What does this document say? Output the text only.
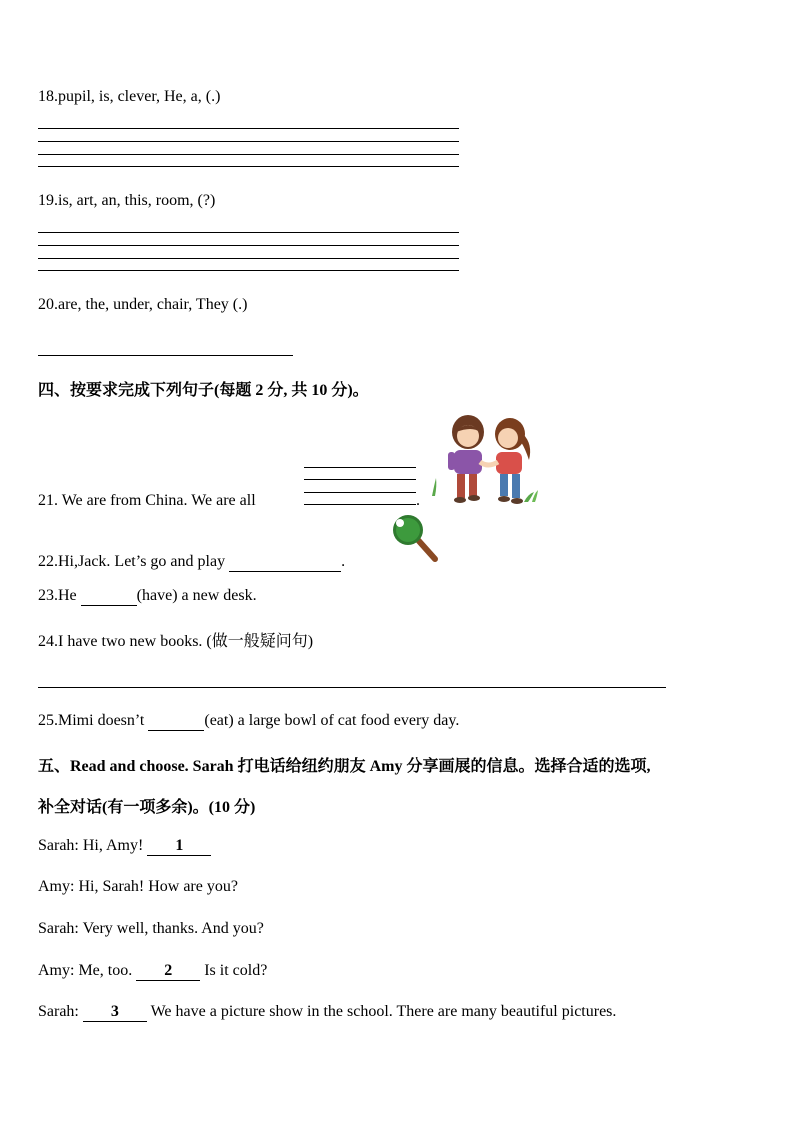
18.pupil, is, clever, He, a, (.)
19.is, art, an, this, room, (?)
20.are, the, under, chair, They (.)
四、按要求完成下列句子(每题 2 分, 共 10 分)。
21. We are from China. We are all	.
22.Hi,Jack. Let’s go and play	.
23.He	(have) a new desk.
24.I have two new books. (做一般疑问句)
25.Mimi doesn’t	(eat) a large bowl of cat food every day.
五、Read and choose. Sarah 打电话给纽约朋友 Amy 分享画展的信息。选择合适的选项,
补全对话(有一项多余)。(10 分)
Sarah: Hi, Amy! 1
Amy: Hi, Sarah! How are you?
Sarah: Very well, thanks. And you?
Amy: Me, too. 2 Is it cold?
Sarah: 3 We have a picture show in the school. There are many beautiful pictures.
